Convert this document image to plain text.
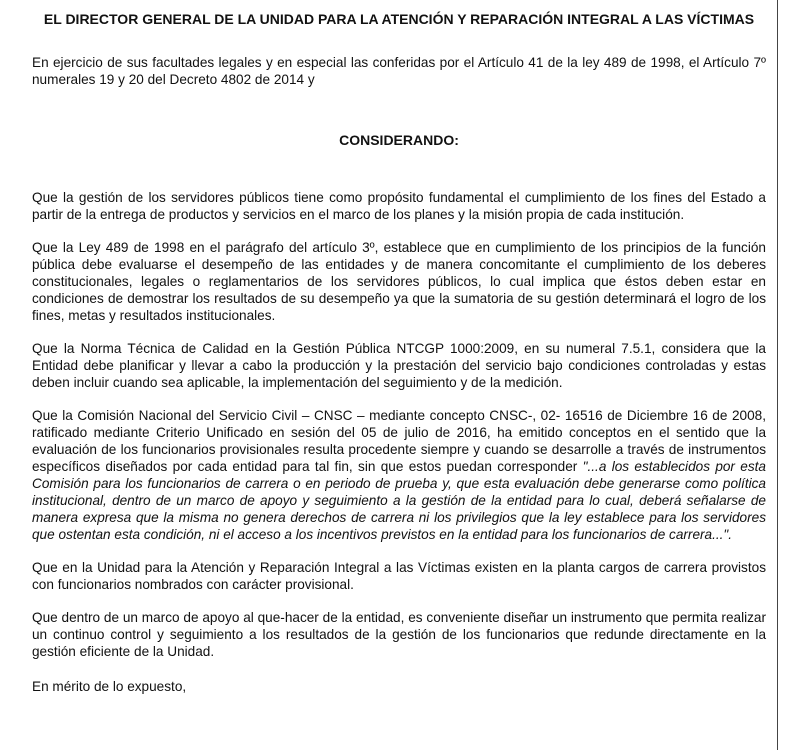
EL DIRECTOR GENERAL DE LA UNIDAD PARA LA ATENCIÓN Y REPARACIÓN INTEGRAL A LAS VÍCTIMAS

En ejercicio de sus facultades legales y en especial las conferidas por el Artículo 41 de la ley 489 de 1998, el Artículo 7º numerales 19 y 20 del Decreto 4802 de 2014 y

CONSIDERANDO:

Que la gestión de los servidores públicos tiene como propósito fundamental el cumplimiento de los fines del Estado a partir de la entrega de productos y servicios en el marco de los planes y la misión propia de cada institución.

Que la Ley 489 de 1998 en el parágrafo del artículo 3º, establece que en cumplimiento de los principios de la función pública debe evaluarse el desempeño de las entidades y de manera concomitante el cumplimiento de los deberes constitucionales, legales o reglamentarios de los servidores públicos, lo cual implica que éstos deben estar en condiciones de demostrar los resultados de su desempeño ya que la sumatoria de su gestión determinará el logro de los fines, metas y resultados institucionales.

Que la Norma Técnica de Calidad en la Gestión Pública NTCGP 1000:2009, en su numeral 7.5.1, considera que la Entidad debe planificar y llevar a cabo la producción y la prestación del servicio bajo condiciones controladas y estas deben incluir cuando sea aplicable, la implementación del seguimiento y de la medición.

Que la Comisión Nacional del Servicio Civil – CNSC – mediante concepto CNSC-, 02- 16516 de Diciembre 16 de 2008, ratificado mediante Criterio Unificado en sesión del 05 de julio de 2016, ha emitido conceptos en el sentido que la evaluación de los funcionarios provisionales resulta procedente siempre y cuando se desarrolle a través de instrumentos específicos diseñados por cada entidad para tal fin, sin que estos puedan corresponder "...a los establecidos por esta Comisión para los funcionarios de carrera o en periodo de prueba y, que esta evaluación debe generarse como política institucional, dentro de un marco de apoyo y seguimiento a la gestión de la entidad para lo cual, deberá señalarse de manera expresa que la misma no genera derechos de carrera ni los privilegios que la ley establece para los servidores que ostentan esta condición, ni el acceso a los incentivos previstos en la entidad para los funcionarios de carrera...".

Que en la Unidad para la Atención y Reparación Integral a las Víctimas existen en la planta cargos de carrera provistos con funcionarios nombrados con carácter provisional.

Que dentro de un marco de apoyo al que-hacer de la entidad, es conveniente diseñar un instrumento que permita realizar un continuo control y seguimiento a los resultados de la gestión de los funcionarios que redunde directamente en la gestión eficiente de la Unidad.

En mérito de lo expuesto,
